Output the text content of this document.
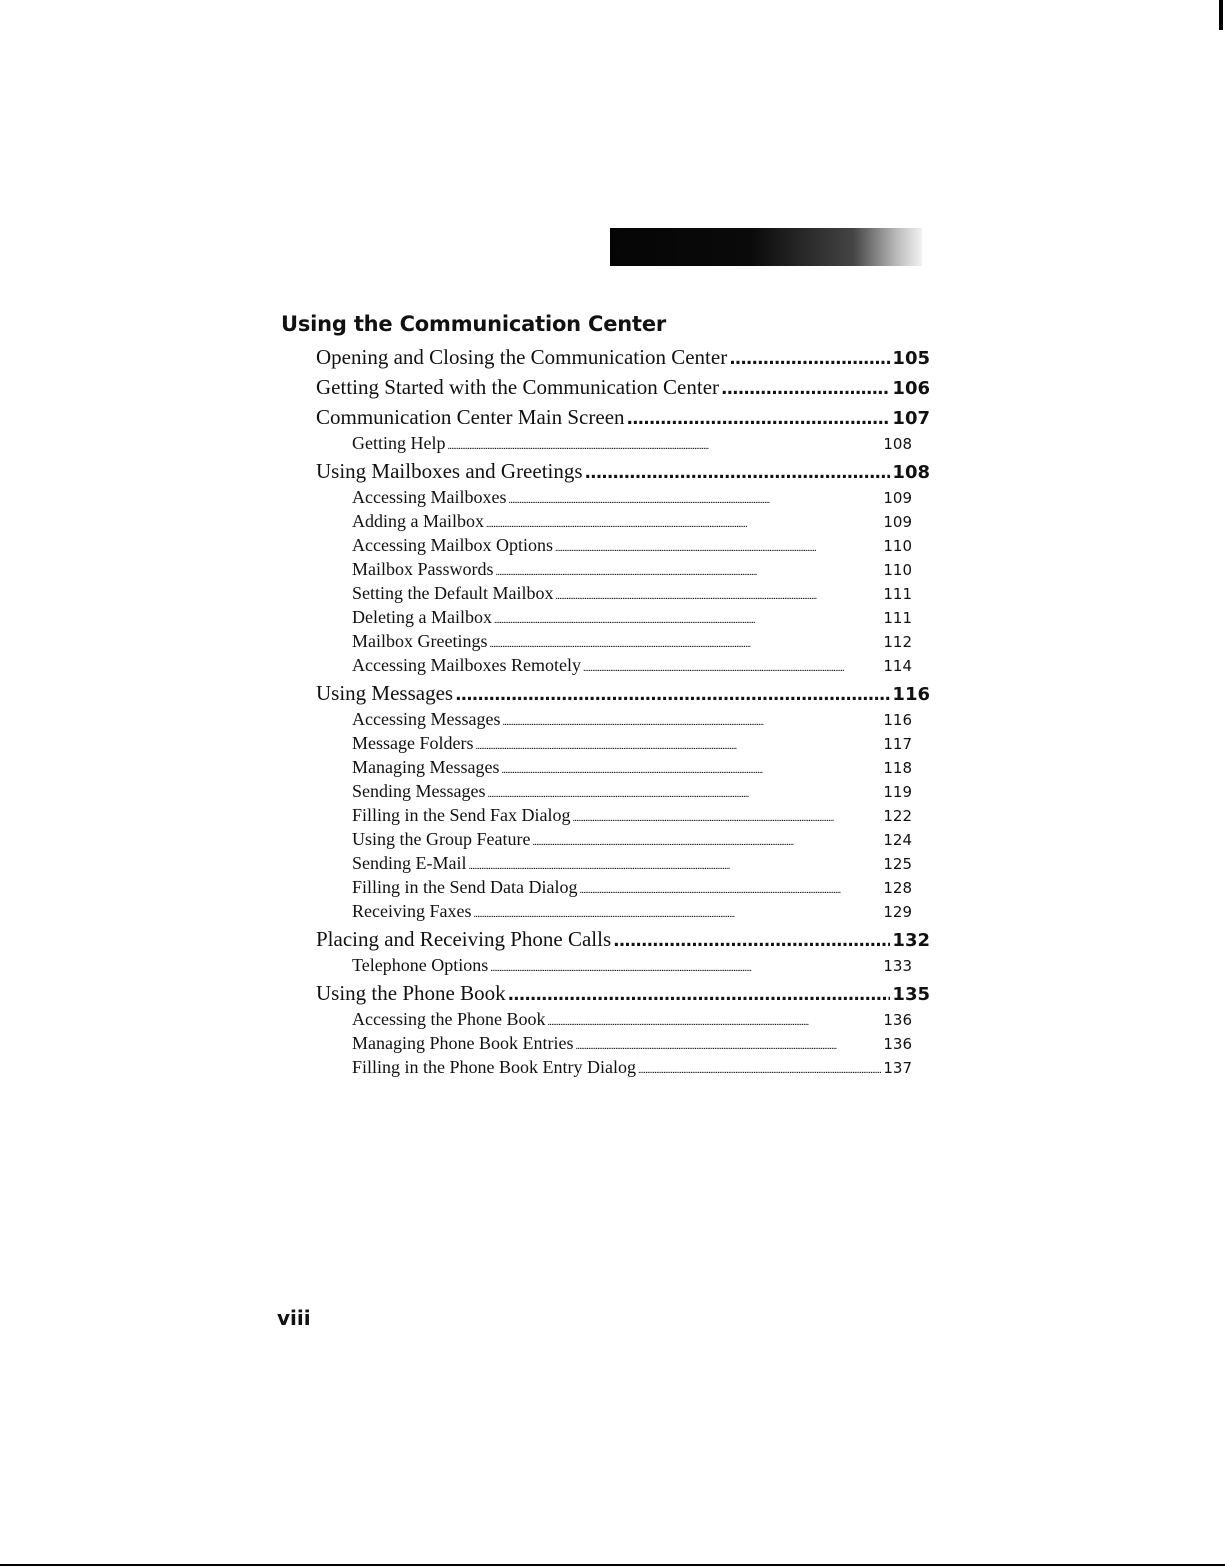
Using the Communication Center
Opening and Closing the Communication Center . . .	105
Getting Started with the Communication Center . . .	106
Communication Center Main Screen . . .	107
Getting Help . . .	108
Using Mailboxes and Greetings . . .	108
Accessing Mailboxes . . .	109
Adding a Mailbox . . .	109
Accessing Mailbox Options . . .	110
Mailbox Passwords . . .	110
Setting the Default Mailbox . . .	111
Deleting a Mailbox . . .	111
Mailbox Greetings . . .	112
Accessing Mailboxes Remotely . . .	114
Using Messages . . .	116
Accessing Messages . . .	116
Message Folders . . .	117
Managing Messages . . .	118
Sending Messages . . .	119
Filling in the Send Fax Dialog . . .	122
Using the Group Feature . . .	124
Sending E-Mail . . .	125
Filling in the Send Data Dialog . . .	128
Receiving Faxes . . .	129
Placing and Receiving Phone Calls . . .	132
Telephone Options . . .	133
Using the Phone Book . . .	135
Accessing the Phone Book . . .	136
Managing Phone Book Entries . . .	136
Filling in the Phone Book Entry Dialog . . .	137
viii
